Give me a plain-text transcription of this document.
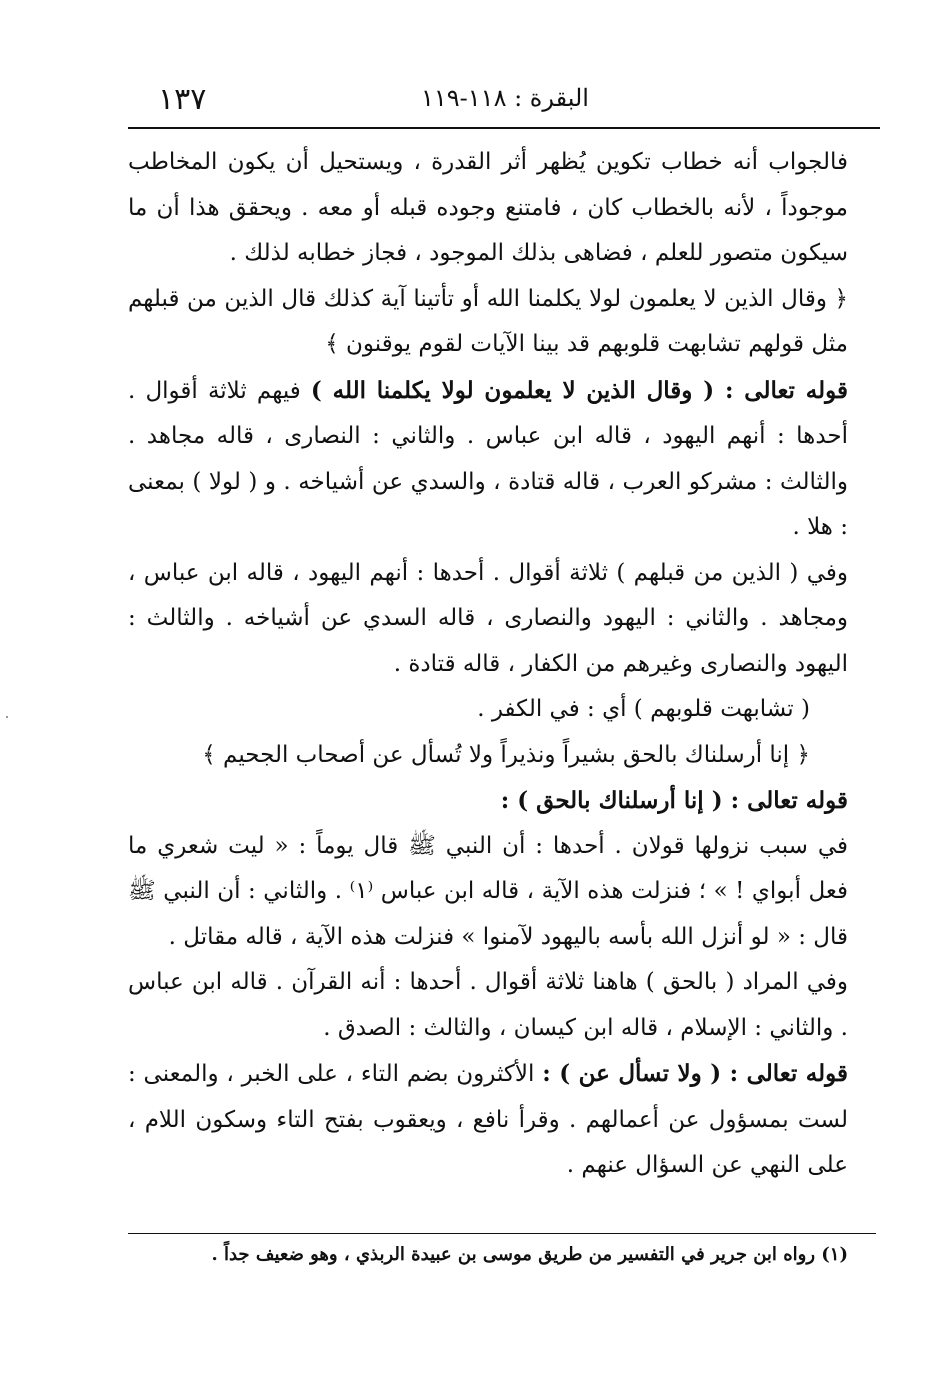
١٣٧	البقرة : ١١٨-١١٩

فالجواب أنه خطاب تكوين يُظهر أثر القدرة ، ويستحيل أن يكون المخاطب موجوداً ، لأنه بالخطاب كان ، فامتنع وجوده قبله أو معه . ويحقق هذا أن ما سيكون متصور للعلم ، فضاهى بذلك الموجود ، فجاز خطابه لذلك .

﴿ وقال الذين لا يعلمون لولا يكلمنا الله أو تأتينا آية كذلك قال الذين من قبلهم مثل قولهم تشابهت قلوبهم قد بينا الآيات لقوم يوقنون ﴾

قوله تعالى : ( وقال الذين لا يعلمون لولا يكلمنا الله ) فيهم ثلاثة أقوال . أحدها : أنهم اليهود ، قاله ابن عباس . والثاني : النصارى ، قاله مجاهد . والثالث : مشركو العرب ، قاله قتادة ، والسدي عن أشياخه . و ( لولا ) بمعنى : هلا .

وفي ( الذين من قبلهم ) ثلاثة أقوال . أحدها : أنهم اليهود ، قاله ابن عباس ، ومجاهد . والثاني : اليهود والنصارى ، قاله السدي عن أشياخه . والثالث : اليهود والنصارى وغيرهم من الكفار ، قاله قتادة .

( تشابهت قلوبهم ) أي : في الكفر .

﴿ إنا أرسلناك بالحق بشيراً ونذيراً ولا تُسأل عن أصحاب الجحيم ﴾

قوله تعالى : ( إنا أرسلناك بالحق ) :

في سبب نزولها قولان . أحدها : أن النبي ﷺ قال يوماً : « ليت شعري ما فعل أبواي ! » ؛ فنزلت هذه الآية ، قاله ابن عباس ⁽١⁾ . والثاني : أن النبي ﷺ قال : « لو أنزل الله بأسه باليهود لآمنوا » فنزلت هذه الآية ، قاله مقاتل .

وفي المراد ( بالحق ) هاهنا ثلاثة أقوال . أحدها : أنه القرآن . قاله ابن عباس . والثاني : الإسلام ، قاله ابن كيسان ، والثالث : الصدق .

قوله تعالى : ( ولا تسأل عن ) : الأكثرون بضم التاء ، على الخبر ، والمعنى : لست بمسؤول عن أعمالهم . وقرأ نافع ، ويعقوب بفتح التاء وسكون اللام ، على النهي عن السؤال عنهم .

(١) رواه ابن جرير في التفسير من طريق موسى بن عبيدة الربذي ، وهو ضعيف جداً .
